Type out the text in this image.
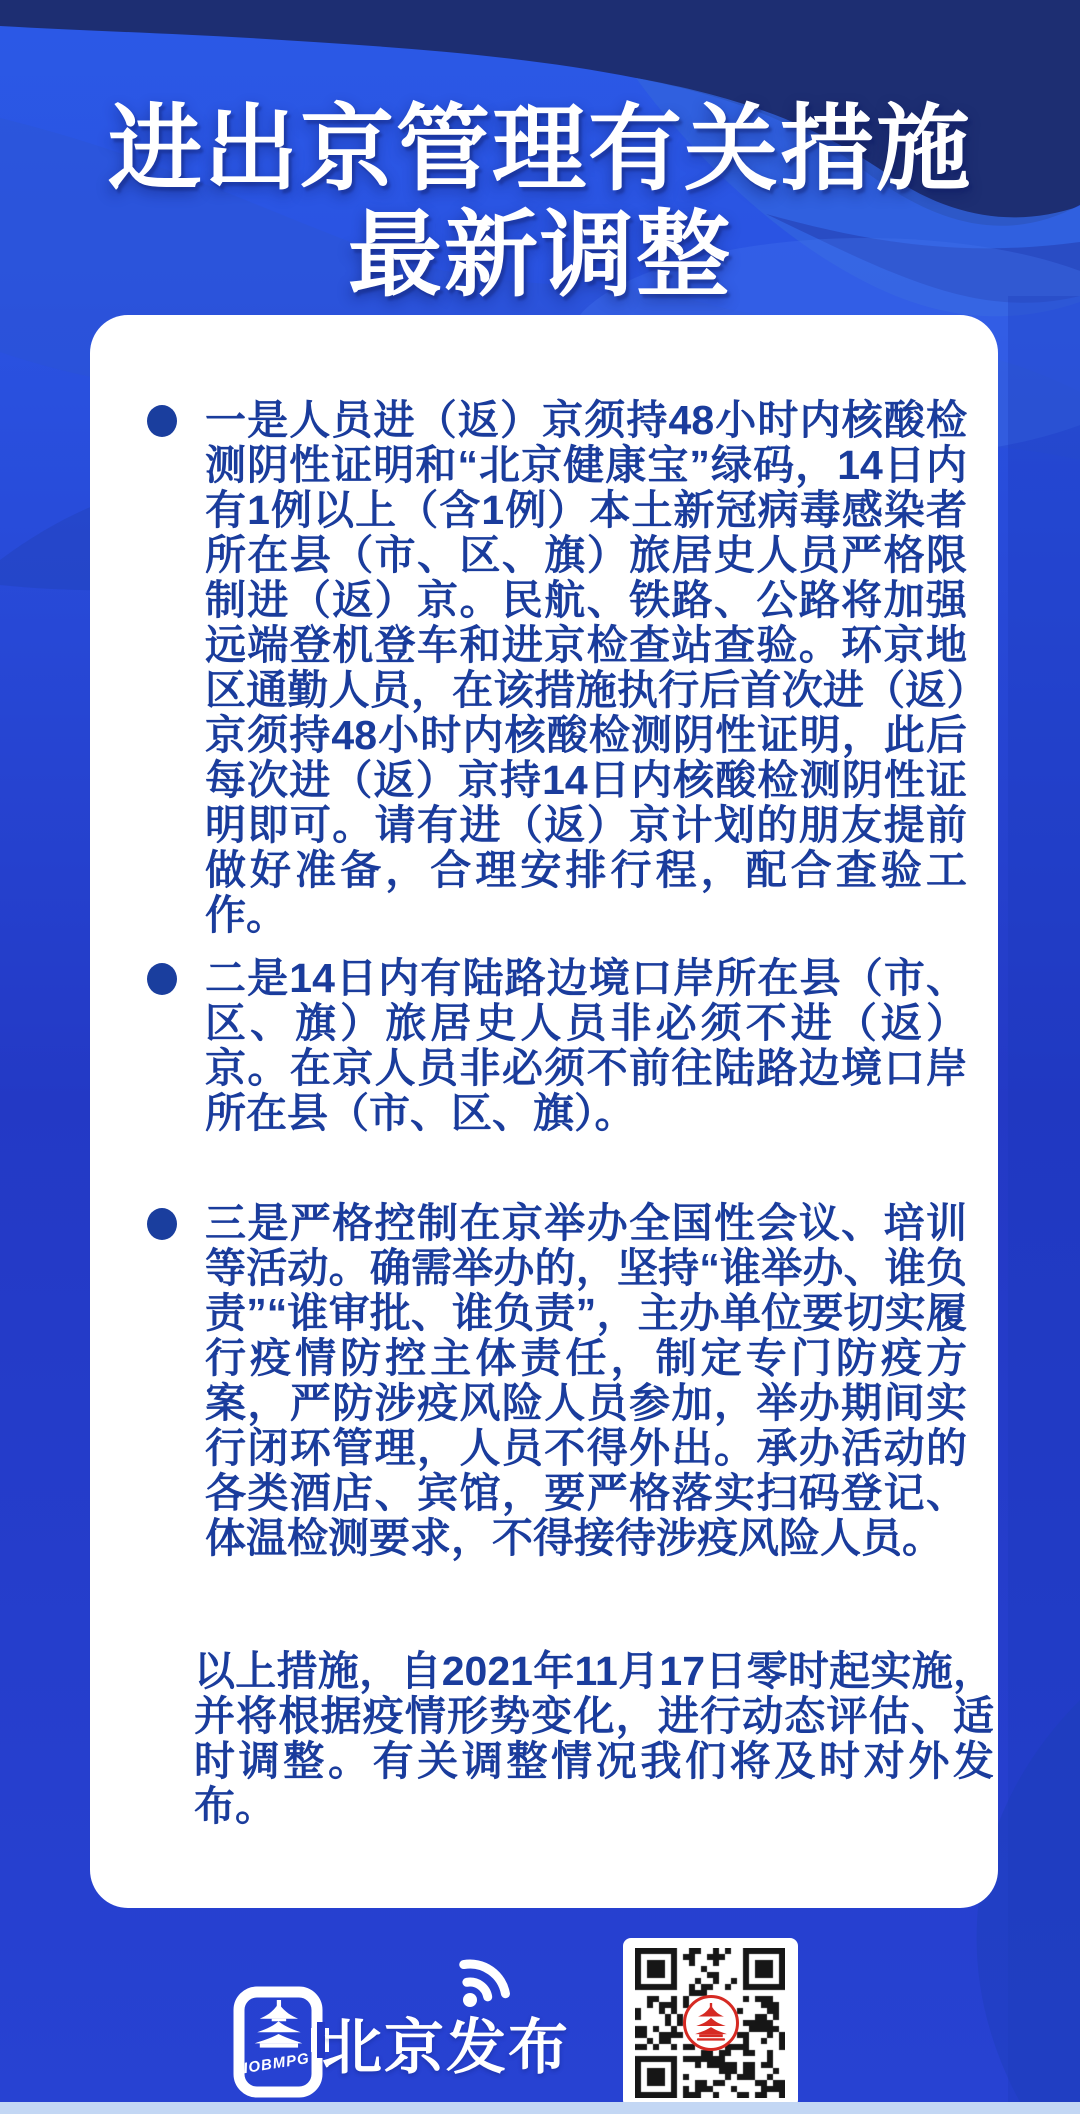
进出京管理有关措施
最新调整

一是人员进（返）京须持48小时内核酸检测阴性证明和“北京健康宝”绿码，14日内有1例以上（含1例）本土新冠病毒感染者所在县（市、区、旗）旅居史人员严格限制进（返）京。民航、铁路、公路将加强远端登机登车和进京检查站查验。环京地区通勤人员，在该措施执行后首次进（返）京须持48小时内核酸检测阴性证明，此后每次进（返）京持14日内核酸检测阴性证明即可。请有进（返）京计划的朋友提前做好准备，合理安排行程，配合查验工作。

二是14日内有陆路边境口岸所在县（市、区、旗）旅居史人员非必须不进（返）京。在京人员非必须不前往陆路边境口岸所在县（市、区、旗）。

三是严格控制在京举办全国性会议、培训等活动。确需举办的，坚持“谁举办、谁负责”“谁审批、谁负责”，主办单位要切实履行疫情防控主体责任，制定专门防疫方案，严防涉疫风险人员参加，举办期间实行闭环管理，人员不得外出。承办活动的各类酒店、宾馆，要严格落实扫码登记、体温检测要求，不得接待涉疫风险人员。

以上措施，自2021年11月17日零时起实施，并将根据疫情形势变化，进行动态评估、适时调整。有关调整情况我们将及时对外发布。

IOBMPG 北京发布
